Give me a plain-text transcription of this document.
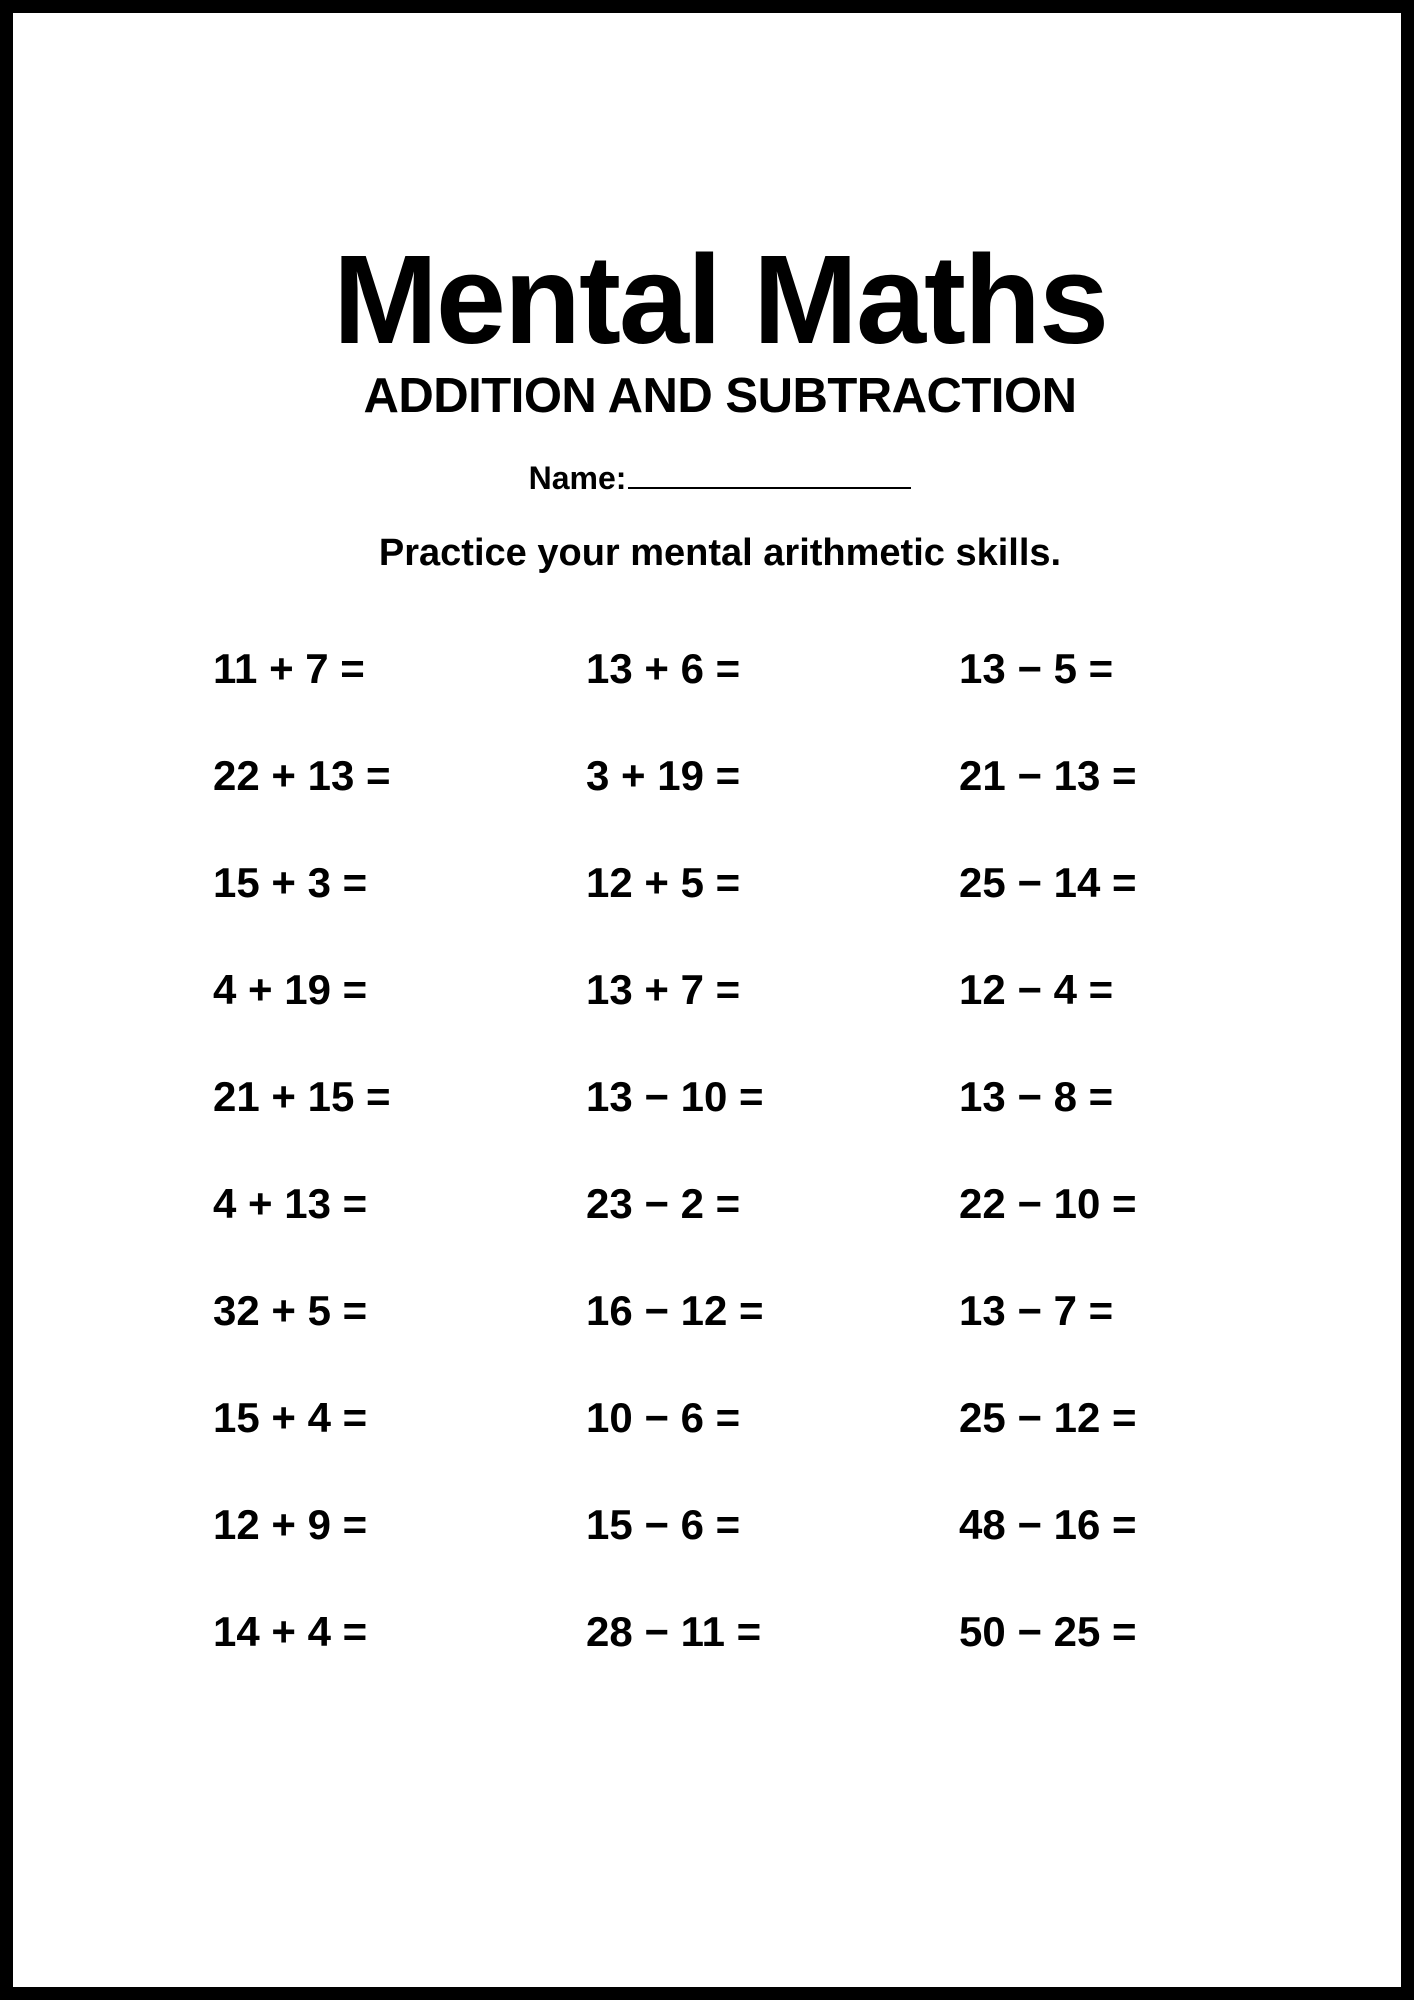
Mental Maths
ADDITION AND SUBTRACTION
Name:
Practice your mental arithmetic skills.
11 + 7 =	13 + 6 =	13 − 5 =
22 + 13 =	3 + 19 =	21 − 13 =
15 + 3 =	12 + 5 =	25 − 14 =
4 + 19 =	13 + 7 =	12 − 4 =
21 + 15 =	13 − 10 =	13 − 8 =
4 + 13 =	23 − 2 =	22 − 10 =
32 + 5 =	16 − 12 =	13 − 7 =
15 + 4 =	10 − 6 =	25 − 12 =
12 + 9 =	15 − 6 =	48 − 16 =
14 + 4 =	28 − 11 =	50 − 25 =
